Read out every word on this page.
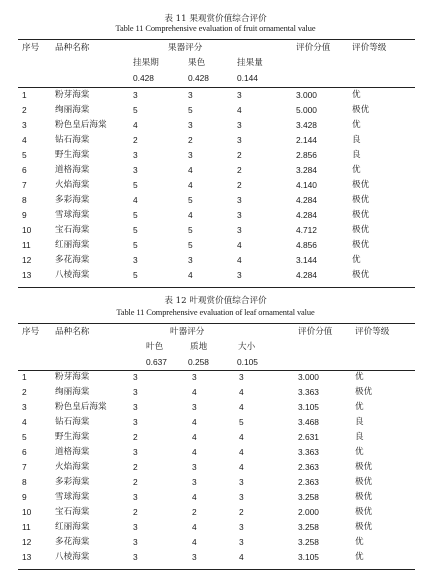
表 11 果观赏价值综合评价
Table 11 Comprehensive evaluation of fruit ornamental value
序号 品种名称	果器评分	评价分值	评价等级
挂果期	果色	挂果量
0.428	0.428	0.144
1	粉芽海棠	3	3	3	3.000	优
2	绚丽海棠	5	5	4	5.000	极优
3	粉色皇后海棠	4	3	3	3.428	优
4	钻石海棠	2	2	3	2.144	良
5	野生海棠	3	3	2	2.856	良
6	道格海棠	3	4	2	3.284	优
7	火焰海棠	5	4	2	4.140	极优
8	多彩海棠	4	5	3	4.284	极优
9	雪球海棠	5	4	3	4.284	极优
10	宝石海棠	5	5	3	4.712	极优
11	红丽海棠	5	5	4	4.856	极优
12	多花海棠	3	3	4	3.144	优
13	八棱海棠	5	4	3	4.284	极优
表 12 叶观赏价值综合评价
Table 11 Comprehensive evaluation of leaf ornamental value
序号 品种名称	叶器评分	评价分值	评价等级
叶色	质地	大小
0.637	0.258	0.105
1	粉芽海棠	3	3	3	3.000	优
2	绚丽海棠	3	4	4	3.363	极优
3	粉色皇后海棠	3	3	4	3.105	优
4	钻石海棠	3	4	5	3.468	良
5	野生海棠	2	4	4	2.631	良
6	道格海棠	3	4	4	3.363	优
7	火焰海棠	2	3	4	2.363	极优
8	多彩海棠	2	3	3	2.363	极优
9	雪球海棠	3	4	3	3.258	极优
10	宝石海棠	2	2	2	2.000	极优
11	红丽海棠	3	4	3	3.258	极优
12	多花海棠	3	4	3	3.258	优
13	八棱海棠	3	3	4	3.105	优
